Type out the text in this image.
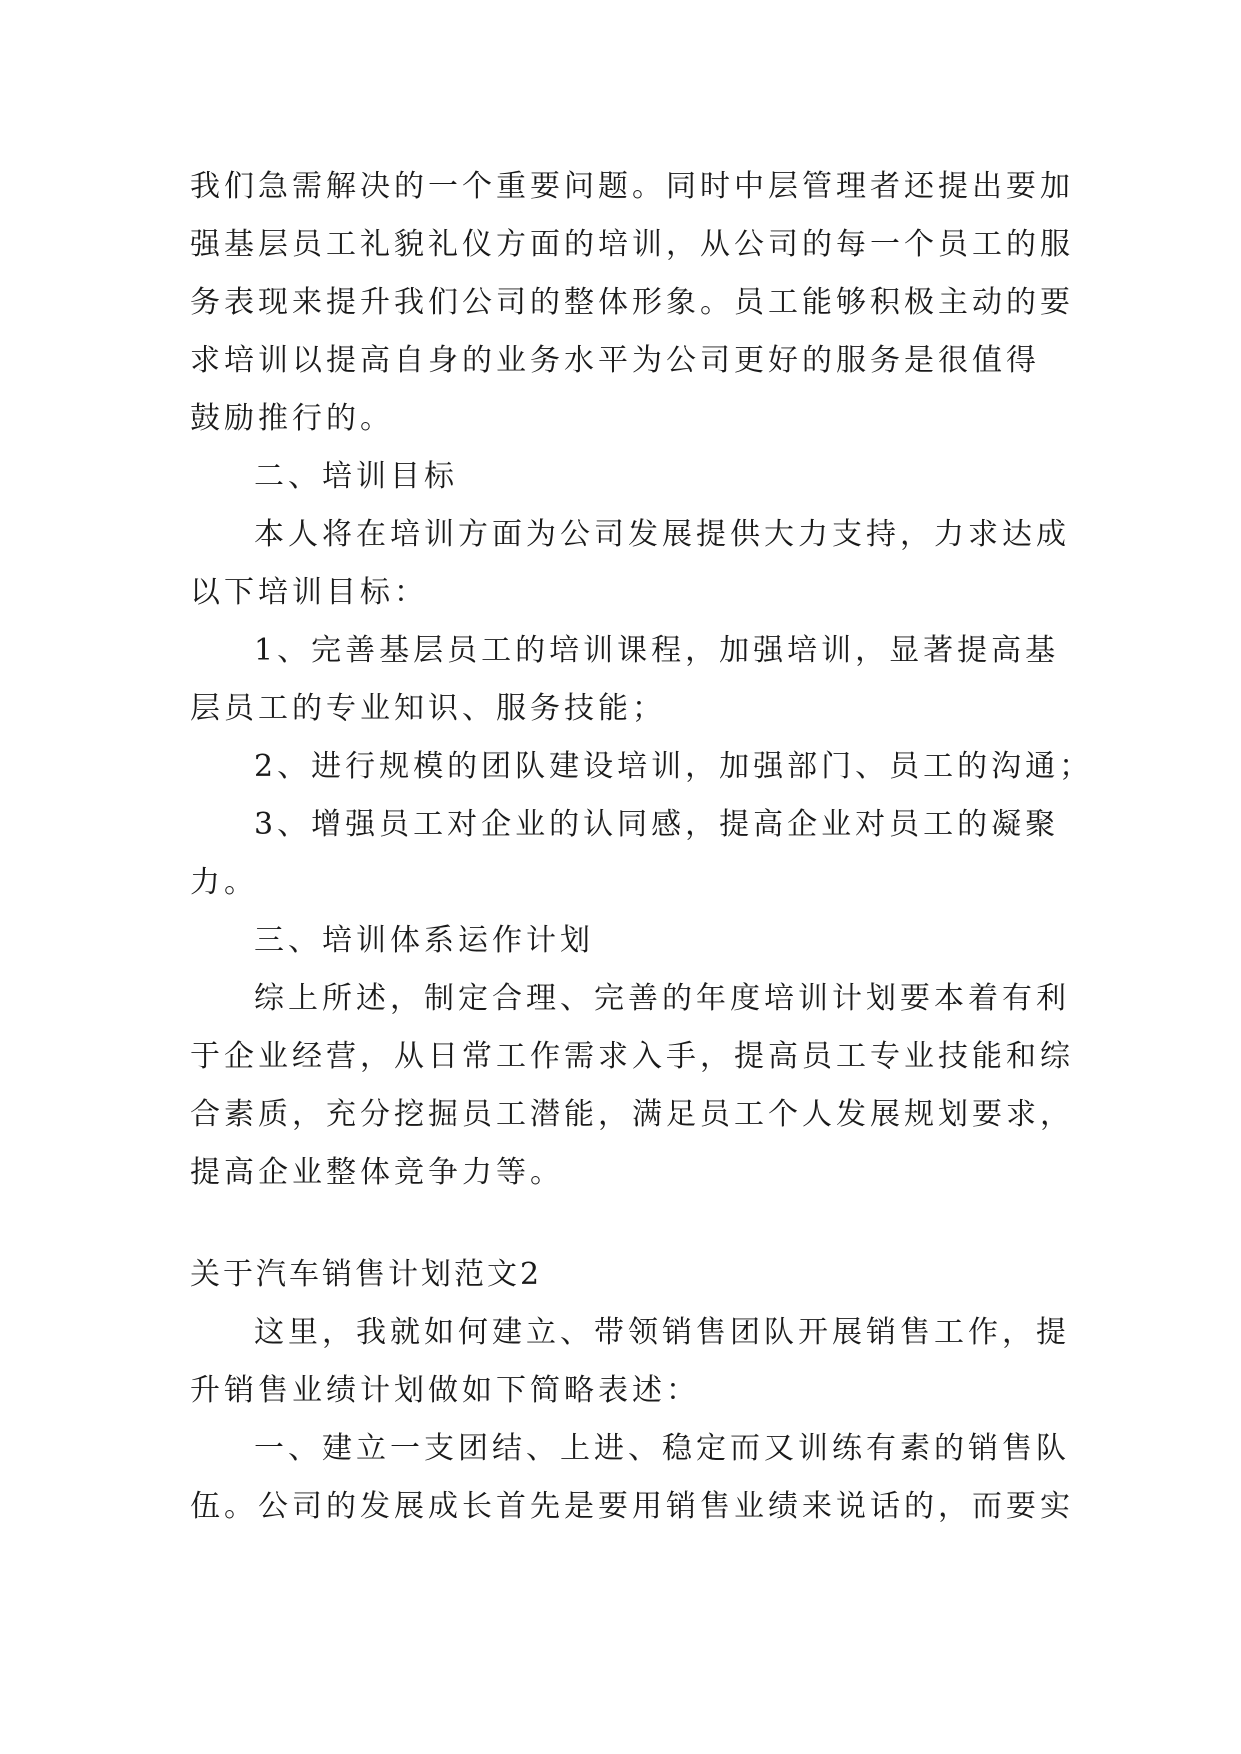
我们急需解决的一个重要问题。同时中层管理者还提出要加
强基层员工礼貌礼仪方面的培训，从公司的每一个员工的服
务表现来提升我们公司的整体形象。员工能够积极主动的要
求培训以提高自身的业务水平为公司更好的服务是很值得
鼓励推行的。
二、培训目标
本人将在培训方面为公司发展提供大力支持，力求达成
以下培训目标：
1、完善基层员工的培训课程，加强培训，显著提高基
层员工的专业知识、服务技能；
2、进行规模的团队建设培训，加强部门、员工的沟通；
3、增强员工对企业的认同感，提高企业对员工的凝聚
力。
三、培训体系运作计划
综上所述，制定合理、完善的年度培训计划要本着有利
于企业经营，从日常工作需求入手，提高员工专业技能和综
合素质，充分挖掘员工潜能，满足员工个人发展规划要求，
提高企业整体竞争力等。
关于汽车销售计划范文2
这里，我就如何建立、带领销售团队开展销售工作，提
升销售业绩计划做如下简略表述：
一、建立一支团结、上进、稳定而又训练有素的销售队
伍。公司的发展成长首先是要用销售业绩来说话的，而要实
